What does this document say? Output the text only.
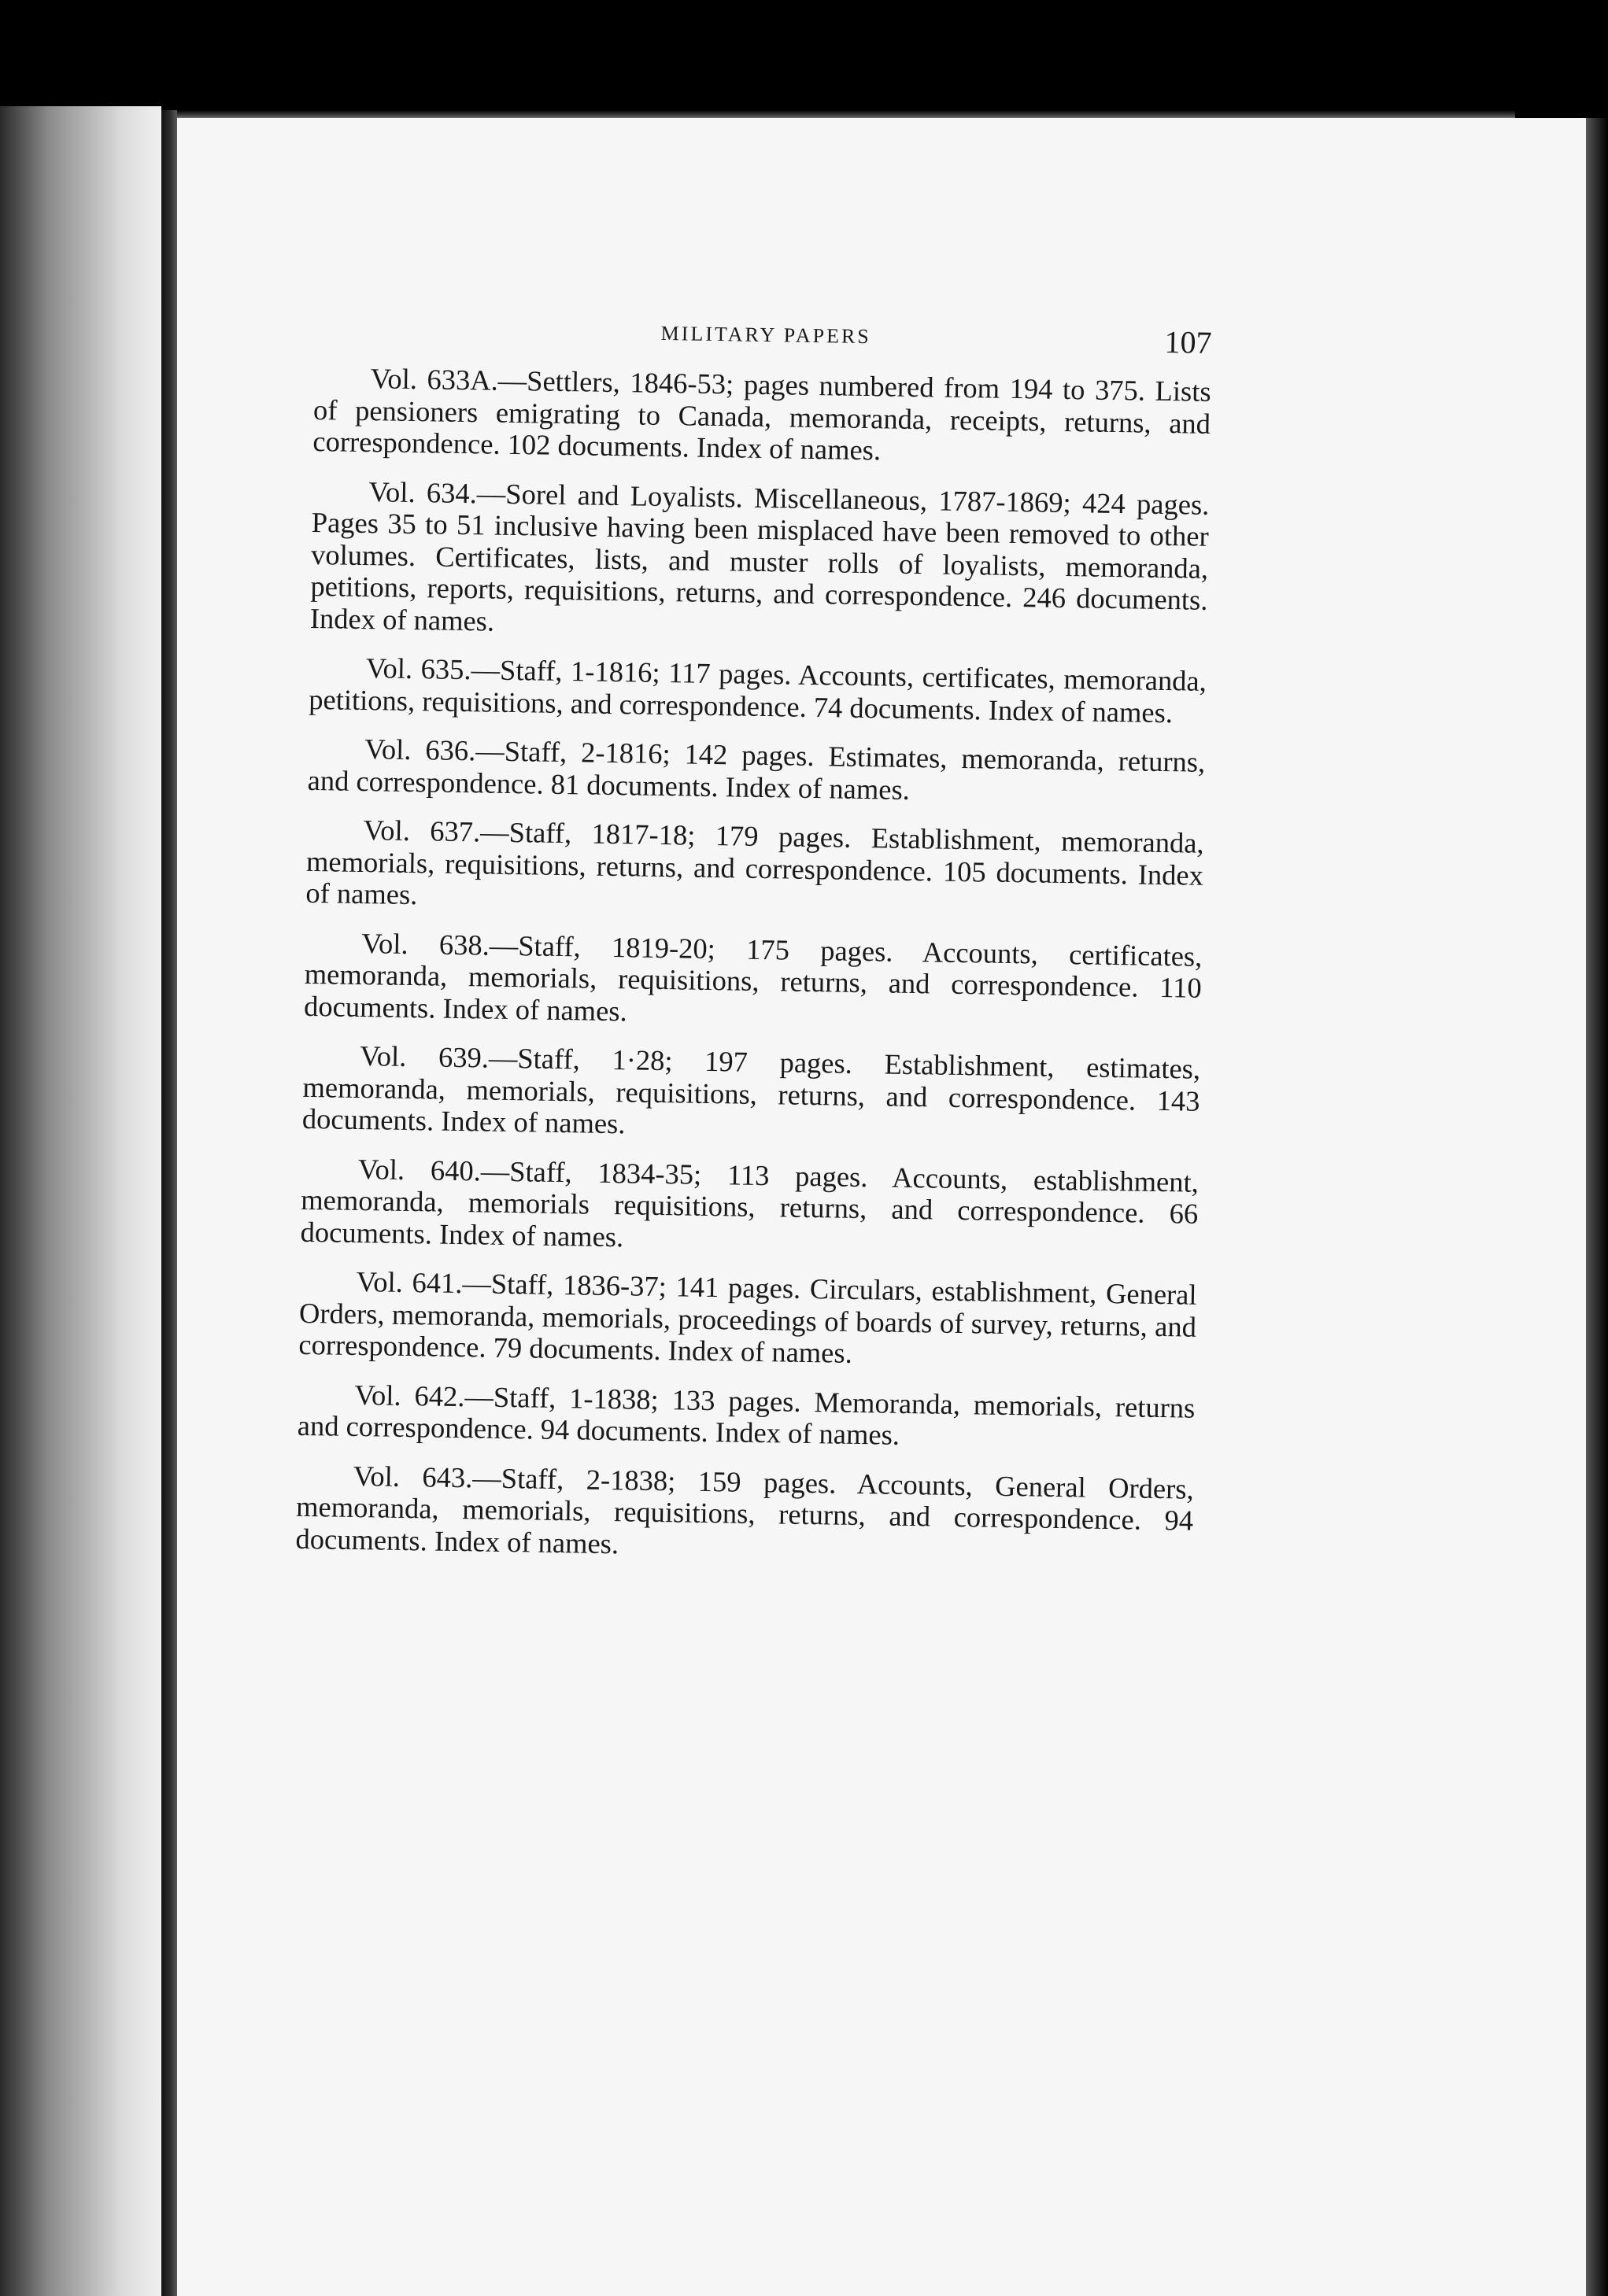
MILITARY PAPERS	107

Vol. 633A.—Settlers, 1846-53; pages numbered from 194 to 375. Lists of pensioners emigrating to Canada, memoranda, receipts, returns, and correspondence. 102 documents. Index of names.

Vol. 634.—Sorel and Loyalists. Miscellaneous, 1787-1869; 424 pages. Pages 35 to 51 inclusive having been misplaced have been removed to other volumes. Certificates, lists, and muster rolls of loyalists, memoranda, petitions, reports, requisitions, returns, and correspondence. 246 documents. Index of names.

Vol. 635.—Staff, 1-1816; 117 pages. Accounts, certificates, memoranda, petitions, requisitions, and correspondence. 74 documents. Index of names.

Vol. 636.—Staff, 2-1816; 142 pages. Estimates, memoranda, returns, and correspondence. 81 documents. Index of names.

Vol. 637.—Staff, 1817-18; 179 pages. Establishment, memoranda, memorials, requisitions, returns, and correspondence. 105 documents. Index of names.

Vol. 638.—Staff, 1819-20; 175 pages. Accounts, certificates, memoranda, memorials, requisitions, returns, and correspondence. 110 documents. Index of names.

Vol. 639.—Staff, 1·28; 197 pages. Establishment, estimates, memoranda, memorials, requisitions, returns, and correspondence. 143 documents. Index of names.

Vol. 640.—Staff, 1834-35; 113 pages. Accounts, establishment, memoranda, memorials requisitions, returns, and correspondence. 66 documents. Index of names.

Vol. 641.—Staff, 1836-37; 141 pages. Circulars, establishment, General Orders, memoranda, memorials, proceedings of boards of survey, returns, and correspondence. 79 documents. Index of names.

Vol. 642.—Staff, 1-1838; 133 pages. Memoranda, memorials, returns and correspondence. 94 documents. Index of names.

Vol. 643.—Staff, 2-1838; 159 pages. Accounts, General Orders, memoranda, memorials, requisitions, returns, and correspondence. 94 documents. Index of names.
